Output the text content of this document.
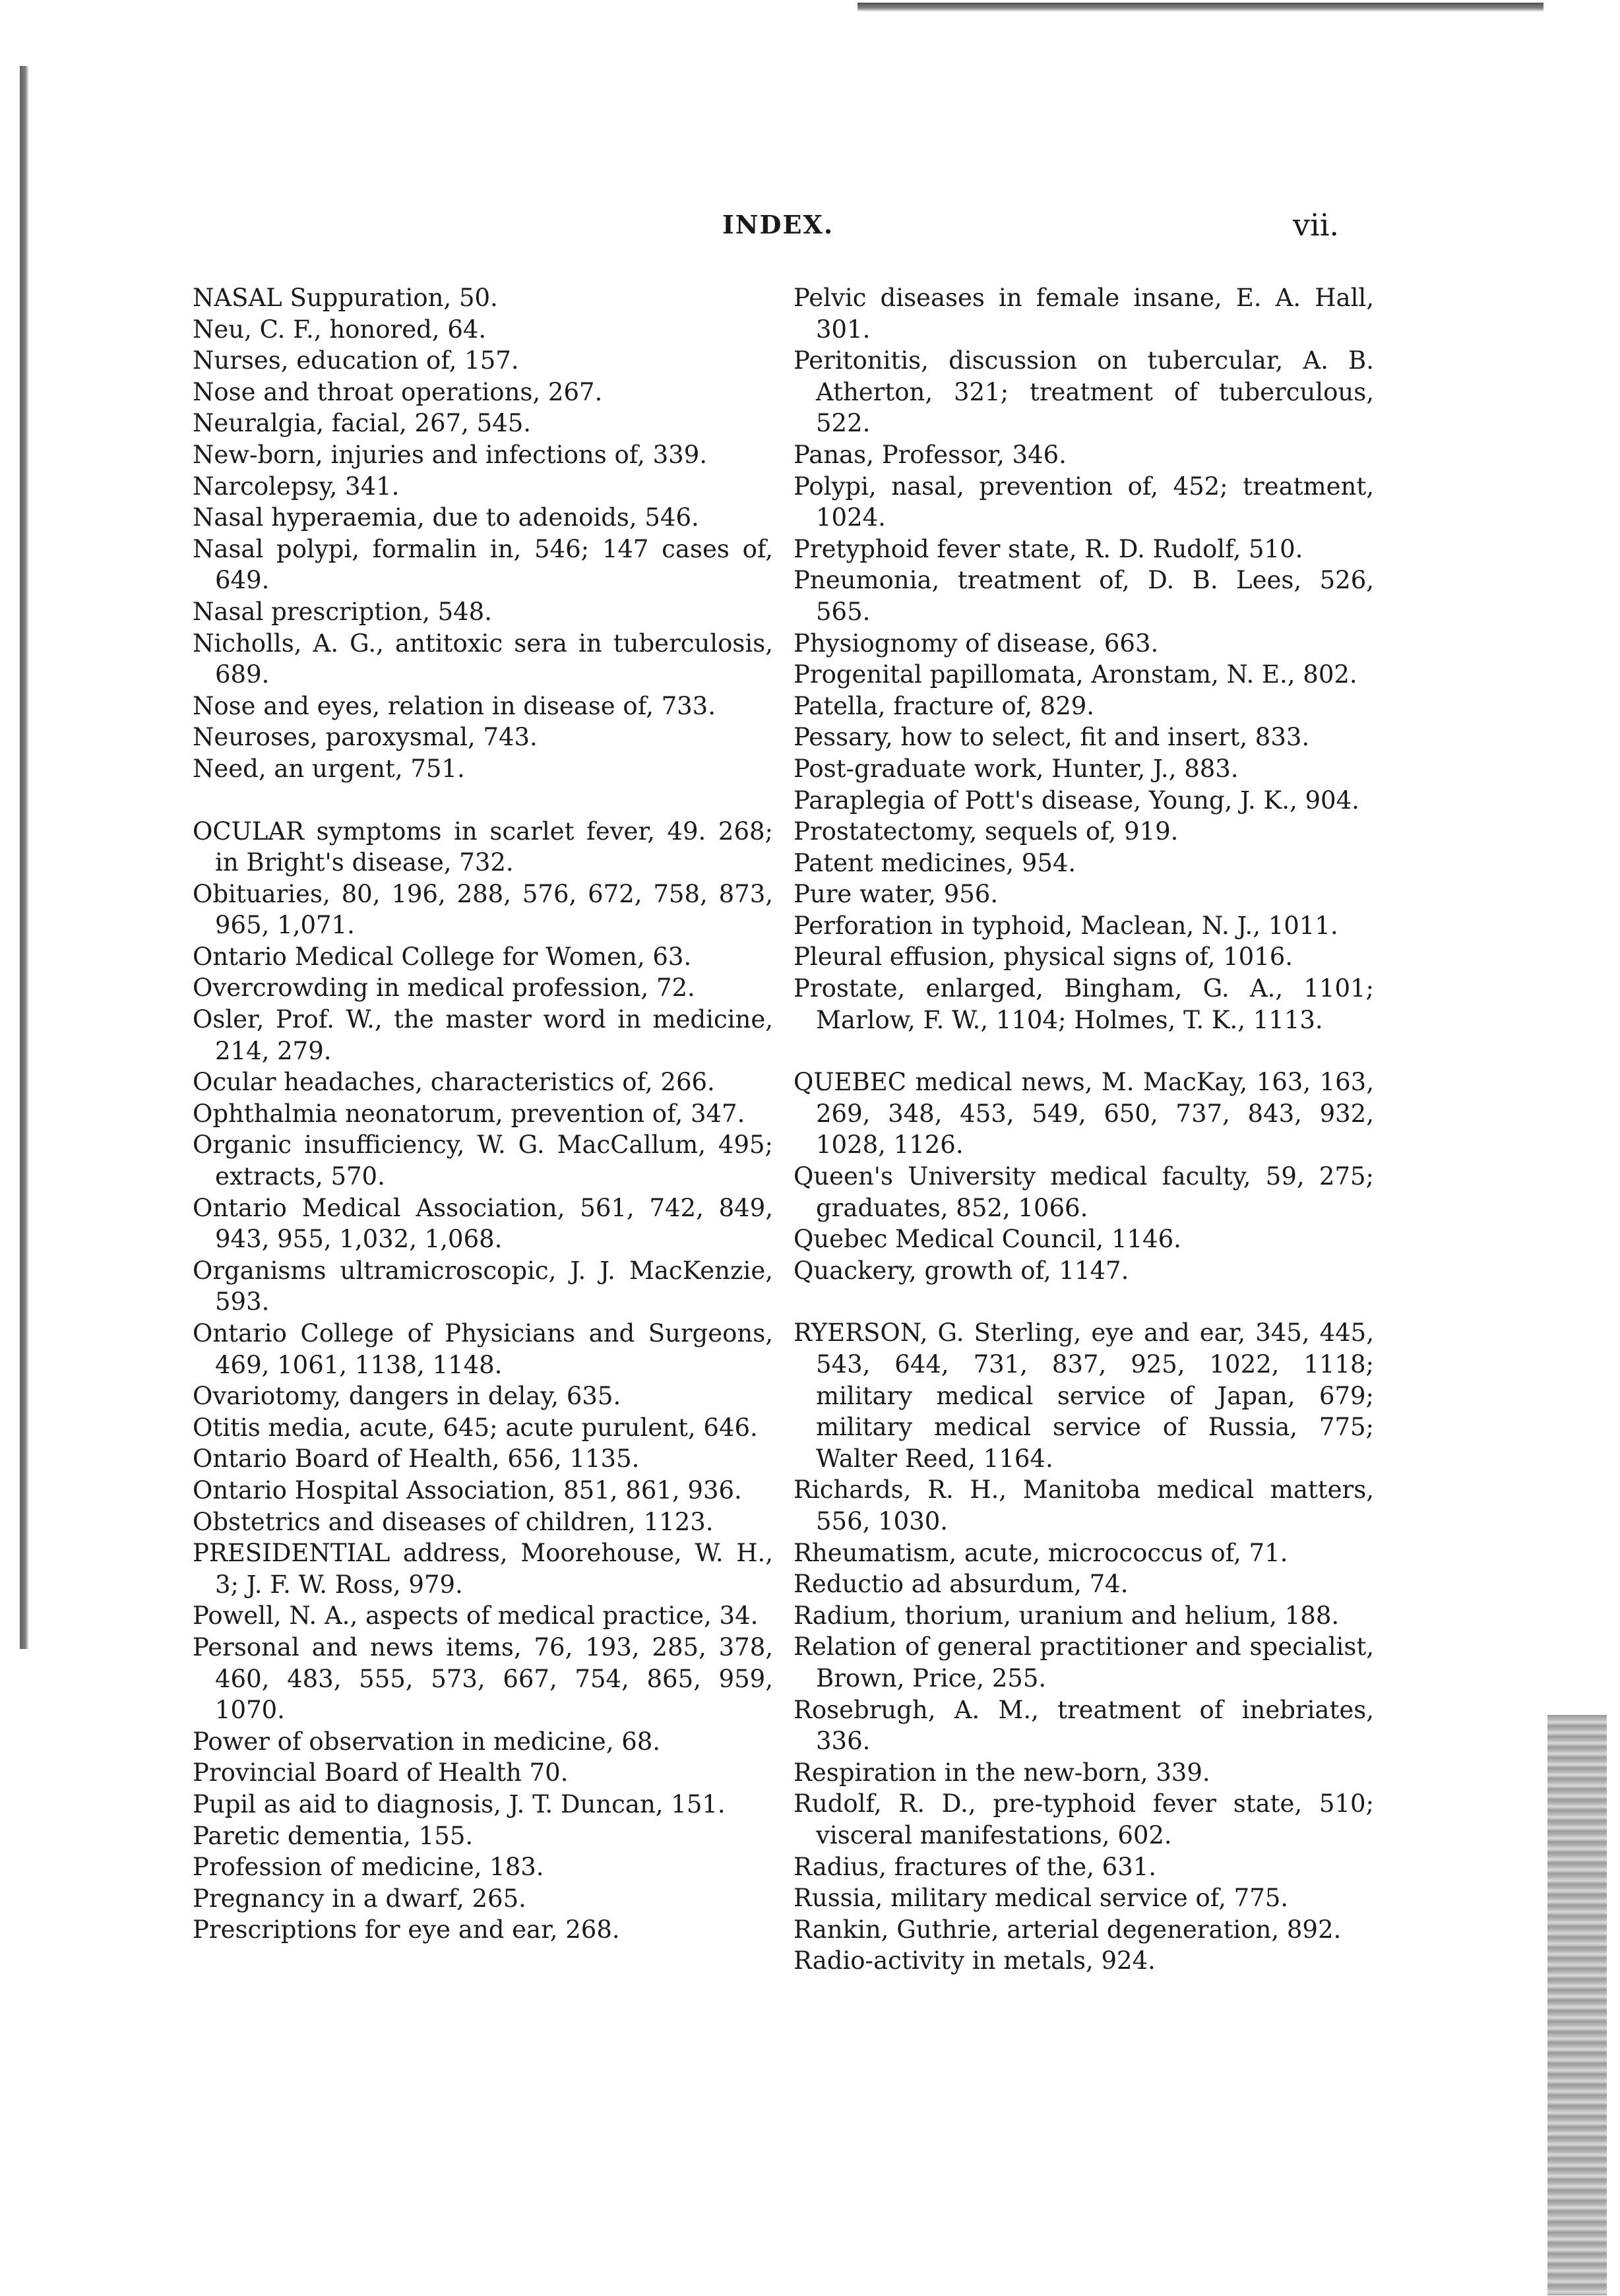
INDEX.	vii.

NASAL Suppuration, 50.

Neu, C. F., honored, 64.

Nurses, education of, 157.

Nose and throat operations, 267.

Neuralgia, facial, 267, 545.

New-born, injuries and infections of, 339.

Narcolepsy, 341.

Nasal hyperaemia, due to adenoids, 546.

Nasal polypi, formalin in, 546; 147 cases of, 649.

Nasal prescription, 548.

Nicholls, A. G., antitoxic sera in tuberculosis, 689.

Nose and eyes, relation in disease of, 733.

Neuroses, paroxysmal, 743.

Need, an urgent, 751.

OCULAR symptoms in scarlet fever, 49. 268; in Bright's disease, 732.

Obituaries, 80, 196, 288, 576, 672, 758, 873, 965, 1,071.

Ontario Medical College for Women, 63.

Overcrowding in medical profession, 72.

Osler, Prof. W., the master word in medicine, 214, 279.

Ocular headaches, characteristics of, 266.

Ophthalmia neonatorum, prevention of, 347.

Organic insufficiency, W. G. MacCallum, 495; extracts, 570.

Ontario Medical Association, 561, 742, 849, 943, 955, 1,032, 1,068.

Organisms ultramicroscopic, J. J. MacKenzie, 593.

Ontario College of Physicians and Surgeons, 469, 1061, 1138, 1148.

Ovariotomy, dangers in delay, 635.

Otitis media, acute, 645; acute purulent, 646.

Ontario Board of Health, 656, 1135.

Ontario Hospital Association, 851, 861, 936.

Obstetrics and diseases of children, 1123.

PRESIDENTIAL address, Moorehouse, W. H., 3; J. F. W. Ross, 979.

Powell, N. A., aspects of medical practice, 34.

Personal and news items, 76, 193, 285, 378, 460, 483, 555, 573, 667, 754, 865, 959, 1070.

Power of observation in medicine, 68.

Provincial Board of Health 70.

Pupil as aid to diagnosis, J. T. Duncan, 151.

Paretic dementia, 155.

Profession of medicine, 183.

Pregnancy in a dwarf, 265.

Prescriptions for eye and ear, 268.

Pelvic diseases in female insane, E. A. Hall, 301.

Peritonitis, discussion on tubercular, A. B. Atherton, 321; treatment of tuberculous, 522.

Panas, Professor, 346.

Polypi, nasal, prevention of, 452; treatment, 1024.

Pretyphoid fever state, R. D. Rudolf, 510.

Pneumonia, treatment of, D. B. Lees, 526, 565.

Physiognomy of disease, 663.

Progenital papillomata, Aronstam, N. E., 802.

Patella, fracture of, 829.

Pessary, how to select, fit and insert, 833.

Post-graduate work, Hunter, J., 883.

Paraplegia of Pott's disease, Young, J. K., 904.

Prostatectomy, sequels of, 919.

Patent medicines, 954.

Pure water, 956.

Perforation in typhoid, Maclean, N. J., 1011.

Pleural effusion, physical signs of, 1016.

Prostate, enlarged, Bingham, G. A., 1101; Marlow, F. W., 1104; Holmes, T. K., 1113.

QUEBEC medical news, M. MacKay, 163, 163, 269, 348, 453, 549, 650, 737, 843, 932, 1028, 1126.

Queen's University medical faculty, 59, 275; graduates, 852, 1066.

Quebec Medical Council, 1146.

Quackery, growth of, 1147.

RYERSON, G. Sterling, eye and ear, 345, 445, 543, 644, 731, 837, 925, 1022, 1118; military medical service of Japan, 679; military medical service of Russia, 775; Walter Reed, 1164.

Richards, R. H., Manitoba medical matters, 556, 1030.

Rheumatism, acute, micrococcus of, 71.

Reductio ad absurdum, 74.

Radium, thorium, uranium and helium, 188.

Relation of general practitioner and specialist, Brown, Price, 255.

Rosebrugh, A. M., treatment of inebriates, 336.

Respiration in the new-born, 339.

Rudolf, R. D., pre-typhoid fever state, 510; visceral manifestations, 602.

Radius, fractures of the, 631.

Russia, military medical service of, 775.

Rankin, Guthrie, arterial degeneration, 892.

Radio-activity in metals, 924.
